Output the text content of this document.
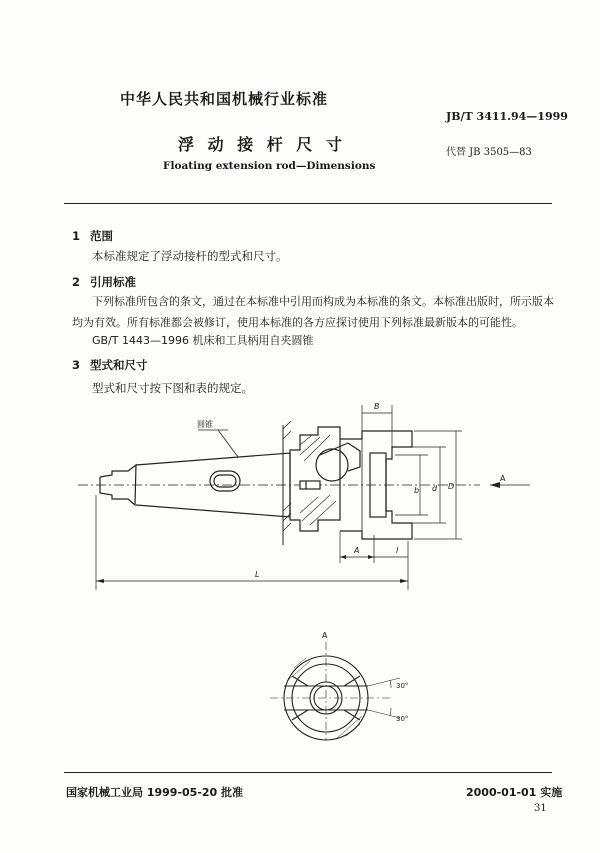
中华人民共和国机械行业标准
JB/T 3411.94—1999
浮 动 接 杆 尺 寸	代替 JB 3505—83
Floating extension rod—Dimensions
1 范围
本标准规定了浮动接杆的型式和尺寸。
2 引用标准
下列标准所包含的条文，通过在本标准中引用而构成为本标准的条文。本标准出版时，所示版本
均为有效。所有标准都会被修订，使用本标准的各方应探讨使用下列标准最新版本的可能性。
GB/T 1443—1996 机床和工具柄用自夹圆锥
3 型式和尺寸
型式和尺寸按下图和表的规定。
圆锥
B
b d D
A	l
L
A
A
30°
30°
国家机械工业局 1999-05-20 批准	2000-01-01 实施
31
